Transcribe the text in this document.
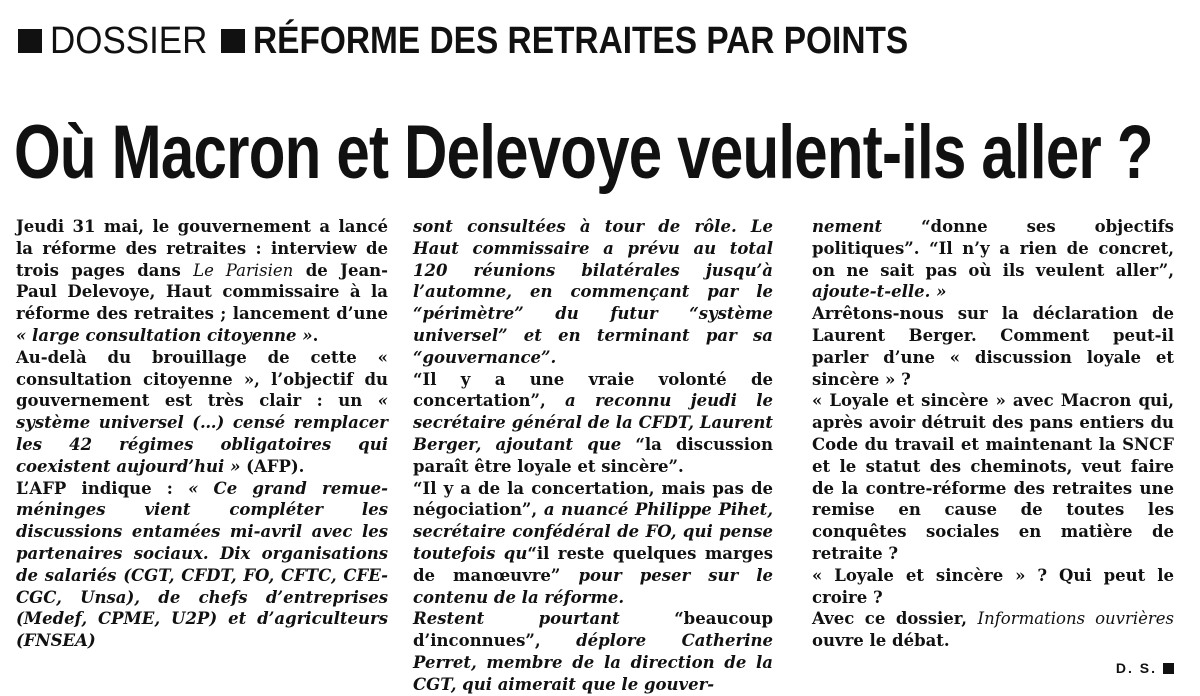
DOSSIER RÉFORME DES RETRAITES PAR POINTS
Où Macron et Delevoye veulent-ils aller ?

Jeudi 31 mai, le gouvernement a lancé la réforme des retraites : interview de trois pages dans Le Parisien de Jean-Paul Delevoye, Haut commissaire à la réforme des retraites ; lancement d’une « large consultation citoyenne ».

Au-delà du brouillage de cette « consultation citoyenne », l’objectif du gouvernement est très clair : un « système universel (…) censé remplacer les 42 régimes obligatoires qui coexistent aujourd’hui » (AFP).

L’AFP indique : « Ce grand remue-méninges vient compléter les discussions entamées mi-avril avec les partenaires sociaux. Dix organisations de salariés (CGT, CFDT, FO, CFTC, CFE-CGC, Unsa), de chefs d’entreprises (Medef, CPME, U2P) et d’agriculteurs (FNSEA)

sont consultées à tour de rôle. Le Haut commissaire a prévu au total 120 réunions bilatérales jusqu’à l’automne, en commençant par le “périmètre” du futur “système universel” et en terminant par sa “gouvernance”.

“Il y a une vraie volonté de concertation”, a reconnu jeudi le secrétaire général de la CFDT, Laurent Berger, ajoutant que “la discussion paraît être loyale et sincère”.

“Il y a de la concertation, mais pas de négociation”, a nuancé Philippe Pihet, secrétaire confédéral de FO, qui pense toutefois qu“il reste quelques marges de manœuvre” pour peser sur le contenu de la réforme.

Restent pourtant “beaucoup d’inconnues”, déplore Catherine Perret, membre de la direction de la CGT, qui aimerait que le gouver-

nement “donne ses objectifs politiques”. “Il n’y a rien de concret, on ne sait pas où ils veulent aller”, ajoute-t-elle. »

Arrêtons-nous sur la déclaration de Laurent Berger. Comment peut-il parler d’une « discussion loyale et sincère » ?

« Loyale et sincère » avec Macron qui, après avoir détruit des pans entiers du Code du travail et maintenant la SNCF et le statut des cheminots, veut faire de la contre-réforme des retraites une remise en cause de toutes les conquêtes sociales en matière de retraite ?

« Loyale et sincère » ? Qui peut le croire ?

Avec ce dossier, Informations ouvrières ouvre le débat.

D. S.
